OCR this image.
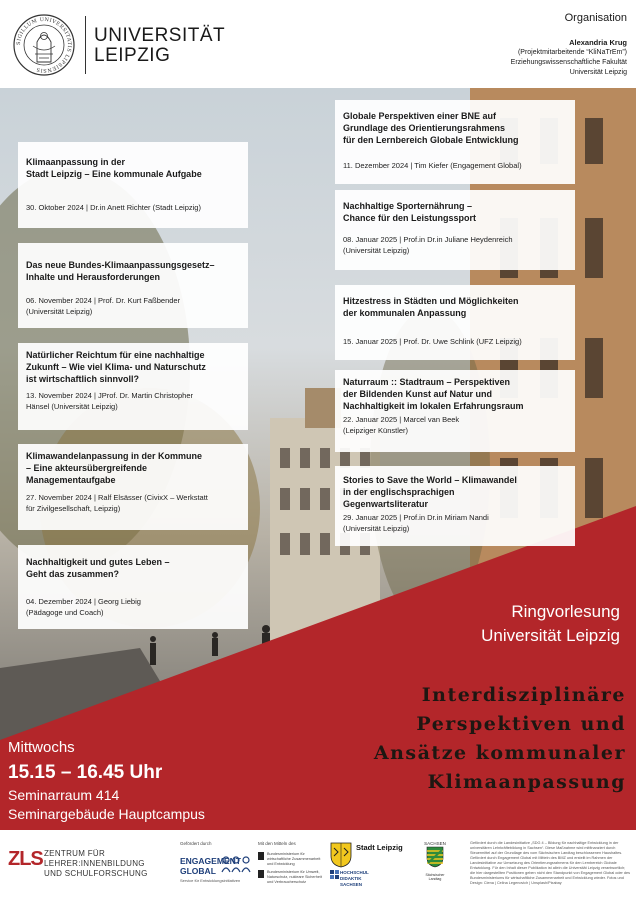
SIGILLUM UNIVERSITATIS LIPSIENSIS
UNIVERSITÄT
LEIPZIG
Organisation
Alexandria Krug
(Projektmitarbeitende “KliNaTrEm”)
Erziehungswissenschaftliche Fakultät
Universität Leipzig
Klimaanpassung in der
Stadt Leipzig – Eine kommunale Aufgabe
30. Oktober 2024 | Dr.in Anett Richter (Stadt Leipzig)
Das neue Bundes-Klimaanpassungsgesetz–
Inhalte und Herausforderungen
06. November 2024 | Prof. Dr. Kurt Faßbender
(Universität Leipzig)
Natürlicher Reichtum für eine nachhaltige
Zukunft – Wie viel Klima- und Naturschutz
ist wirtschaftlich sinnvoll?
13. November 2024 | JProf. Dr. Martin Christopher
Hänsel (Universität Leipzig)
Klimawandelanpassung in der Kommune
– Eine akteursübergreifende
Managementaufgabe
27. November 2024 | Ralf Elsässer (CivixX – Werkstatt
für Zivilgesellschaft, Leipzig)
Nachhaltigkeit und gutes Leben –
Geht das zusammen?
04. Dezember 2024 | Georg Liebig
(Pädagoge und Coach)
Globale Perspektiven einer BNE auf
Grundlage des Orientierungsrahmens
für den Lernbereich Globale Entwicklung
11. Dezember 2024 | Tim Kiefer (Engagement Global)
Nachhaltige Sporternährung –
Chance für den Leistungssport
08. Januar 2025 | Prof.in Dr.in Juliane Heydenreich
(Universität Leipzig)
Hitzestress in Städten und Möglichkeiten
der kommunalen Anpassung
15. Januar 2025 | Prof. Dr. Uwe Schlink (UFZ Leipzig)
Naturraum :: Stadtraum – Perspektiven
der Bildenden Kunst auf Natur und
Nachhaltigkeit im lokalen Erfahrungsraum
22. Januar 2025 | Marcel van Beek
(Leipziger Künstler)
Stories to Save the World – Klimawandel
in der englischsprachigen
Gegenwartsliteratur
29. Januar 2025 | Prof.in Dr.in Miriam Nandi
(Universität Leipzig)
Ringvorlesung
Universität Leipzig
Interdisziplinäre
Perspektiven und
Ansätze kommunaler
Klimaanpassung
Mittwochs
15.15 – 16.45 Uhr
Seminarraum 414
Seminargebäude Hauptcampus
ZLS ZENTRUM FÜR
LEHRER:INNENBILDUNG
UND SCHULFORSCHUNG
Gefördert durch
ENGAGEMENT
GLOBAL
Service für Entwicklungsinitiativen
Mit den Mitteln des
Bundesministerium für wirtschaftliche Zusammenarbeit und Entwicklung
Bundesministerium für Umwelt, Naturschutz, nukleare Sicherheit und Verbraucherschutz
Stadt Leipzig
HOCHSCHUL
DIDAKTIK
SACHSEN
SACHSEN
Sächsischer Landtag
Gefördert durch die Landesinitiative „SDG 4 – Bildung für nachhaltige Entwicklung in der universitären Lehrkräftebildung in Sachsen“. Diese Maßnahme wird mitfinanziert durch Steuermittel auf der Grundlage des vom Sächsischen Landtag beschlossenen Haushaltes. Gefördert durch Engagement Global mit Mitteln des BMZ und erstellt im Rahmen der Landesinitiative zur Umsetzung des Orientierungsrahmens für den Lernbereich Globale Entwicklung. Für den Inhalt dieser Publikation ist allein die Universität Leipzig verantwortlich; die hier dargestellten Positionen geben nicht den Standpunkt von Engagement Global oder des Bundesministeriums für wirtschaftliche Zusammenarbeit und Entwicklung wieder. Fotos und Design: Ciena | Celina Legenovich | Unsplash/Pixabay
